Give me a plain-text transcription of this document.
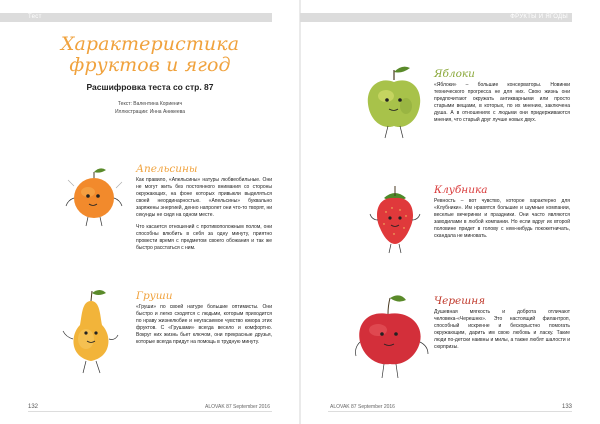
Тест
Характеристика
фруктов и ягод
Расшифровка теста со стр. 87
Текст: Валентина Кориенич
Иллюстрации: Инна Аникеева
Апельсины

Как правило, «Апельсины» натуры любвеобильные. Они не могут жить без постоянного внимания со стороны окружающих, на фоне которых привыкли выделяться своей неординарностью. «Апельсины» буквально заряжены энергией, денно напролет они что-то творят, ни секунды не сидя на одном месте.

Что касается отношений с противоположным полом, они способны влюбить в себя за одну минуту, приятно провести время с предметом своего обожания и так же быстро расстаться с ним.

Груши

«Груши» по своей натуре большие оптимисты. Они быстро и легко сходятся с людьми, которым приходится по нраву жизнелюбие и неугасаемое чувство юмора этих фруктов. С «Грушами» всегда весело и комфортно. Вокруг них жизнь бьет ключом, они прекрасные друзья, которые всегда придут на помощь в трудную минуту.

132	ALOVAK 87 September 2016
ФРУКТЫ И ЯГОДЫ
Яблоки

«Яблоки» – большие консерваторы. Новинки технического прогресса не для них. Свою жизнь они предпочитают окружать антикварными или просто старыми вещами, в которых, по их мнению, заключена душа. А в отношениях с людьми они придерживаются мнения, что старый друг лучше новых двух.

Клубника

Ревность – вот чувство, которое характерно для «Клубники». Им нравятся большие и шумные компании, веселые вечеринки и праздники. Они часто являются заводилами в любой компании. Но если вдруг их второй половине придет в голову с кем-нибудь пококетничать, скандала не миновать.

Черешня

Душевная мягкость и доброта отличают человека-«Черешню». Это настоящий филантроп, способный искренне и бескорыстно помогать окружающим, дарить им свою любовь и ласку. Такие люди по-детски наивны и милы, а также любят шалости и сюрпризы.

ALOVAK 87 September 2016	133
